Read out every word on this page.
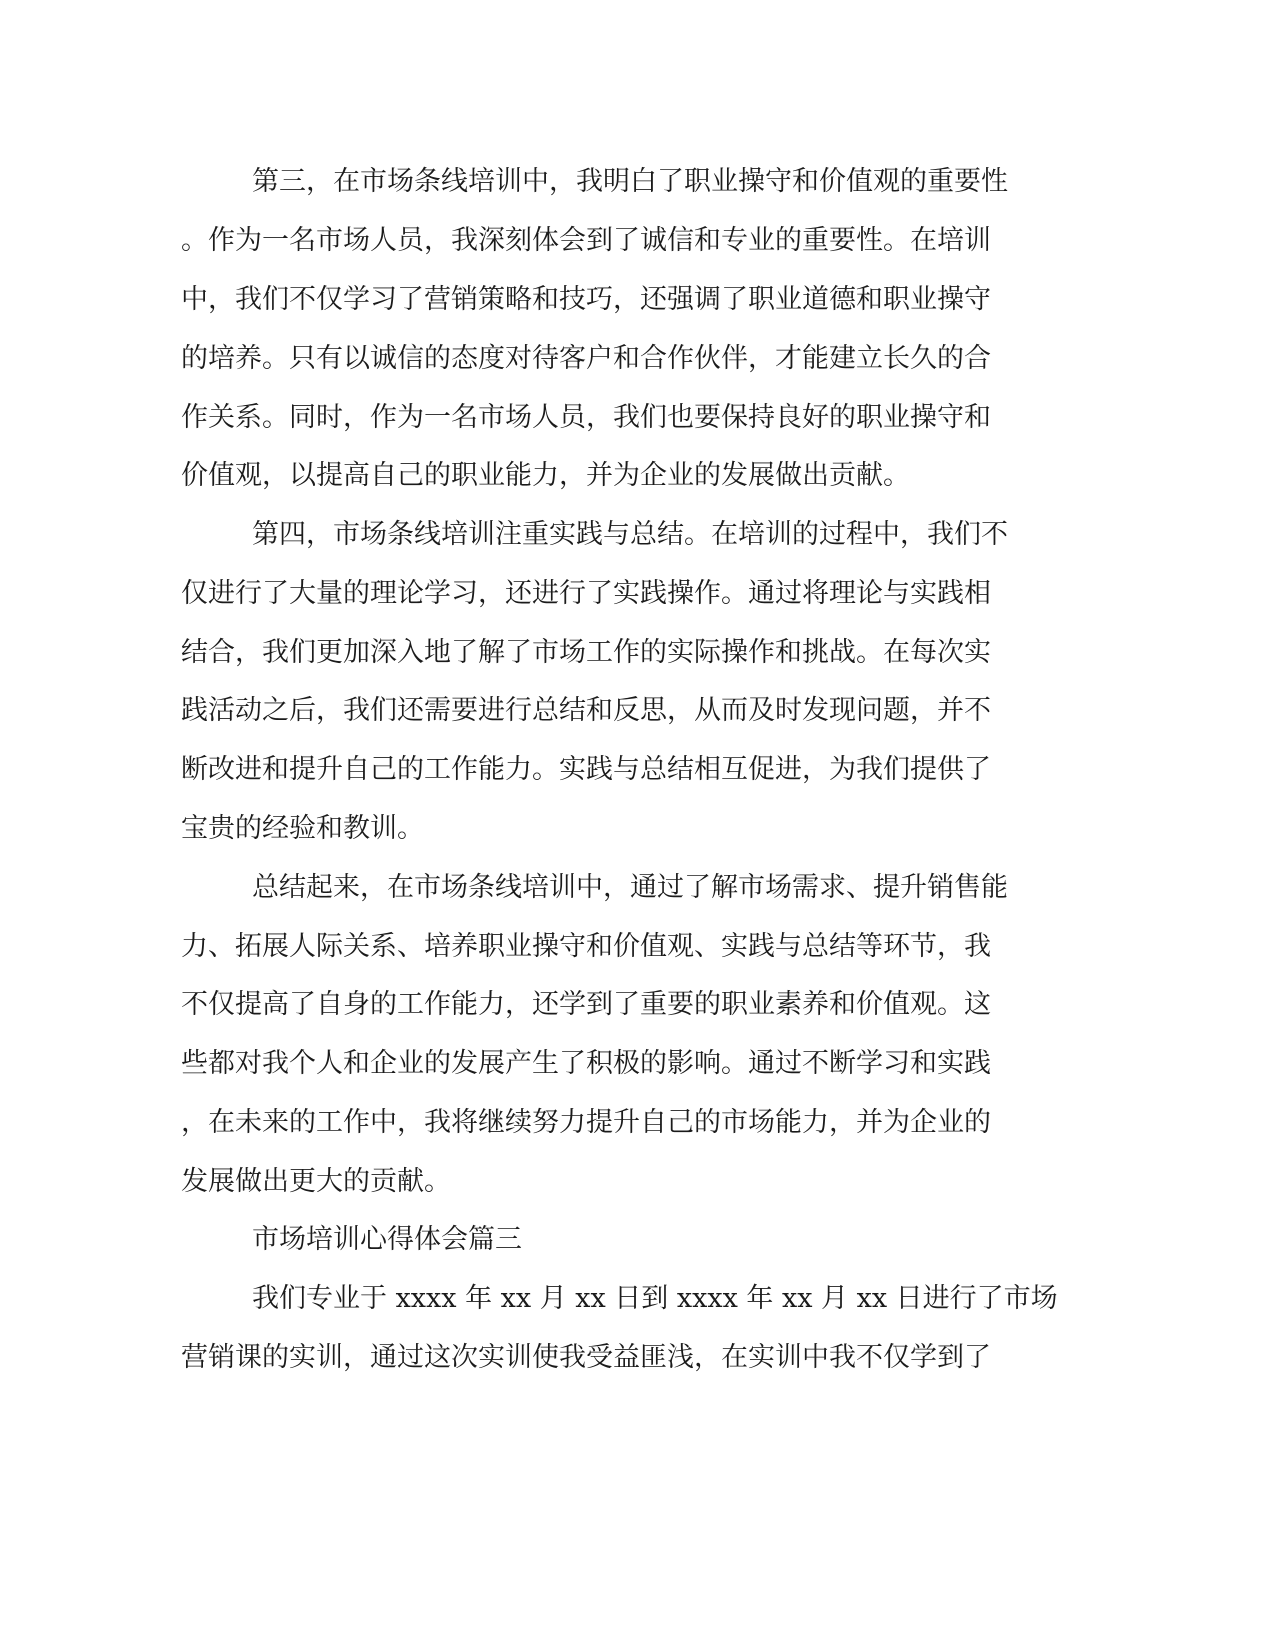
第三，在市场条线培训中，我明白了职业操守和价值观的重要性
。作为一名市场人员，我深刻体会到了诚信和专业的重要性。在培训
中，我们不仅学习了营销策略和技巧，还强调了职业道德和职业操守
的培养。只有以诚信的态度对待客户和合作伙伴，才能建立长久的合
作关系。同时，作为一名市场人员，我们也要保持良好的职业操守和
价值观，以提高自己的职业能力，并为企业的发展做出贡献。
第四，市场条线培训注重实践与总结。在培训的过程中，我们不
仅进行了大量的理论学习，还进行了实践操作。通过将理论与实践相
结合，我们更加深入地了解了市场工作的实际操作和挑战。在每次实
践活动之后，我们还需要进行总结和反思，从而及时发现问题，并不
断改进和提升自己的工作能力。实践与总结相互促进，为我们提供了
宝贵的经验和教训。
总结起来，在市场条线培训中，通过了解市场需求、提升销售能
力、拓展人际关系、培养职业操守和价值观、实践与总结等环节，我
不仅提高了自身的工作能力，还学到了重要的职业素养和价值观。这
些都对我个人和企业的发展产生了积极的影响。通过不断学习和实践
，在未来的工作中，我将继续努力提升自己的市场能力，并为企业的
发展做出更大的贡献。
市场培训心得体会篇三
我们专业于 xxxx 年 xx 月 xx 日到 xxxx 年 xx 月 xx 日进行了市场
营销课的实训，通过这次实训使我受益匪浅，在实训中我不仅学到了
